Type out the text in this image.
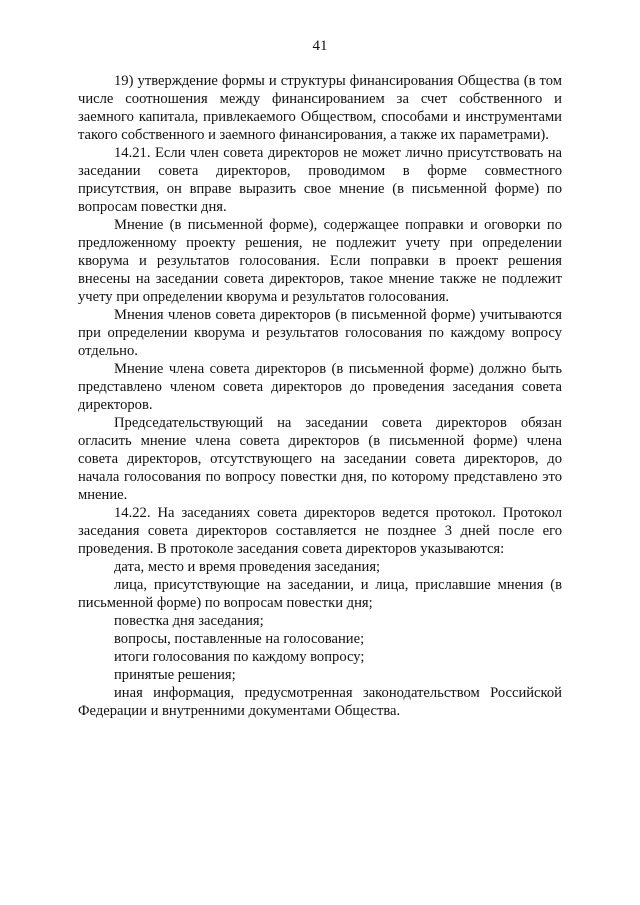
41

19) утверждение формы и структуры финансирования Общества (в том числе соотношения между финансированием за счет собственного и заемного капитала, привлекаемого Обществом, способами и инструментами такого собственного и заемного финансирования, а также их параметрами).

14.21. Если член совета директоров не может лично присутствовать на заседании совета директоров, проводимом в форме совместного присутствия, он вправе выразить свое мнение (в письменной форме) по вопросам повестки дня.

Мнение (в письменной форме), содержащее поправки и оговорки по предложенному проекту решения, не подлежит учету при определении кворума и результатов голосования. Если поправки в проект решения внесены на заседании совета директоров, такое мнение также не подлежит учету при определении кворума и результатов голосования.

Мнения членов совета директоров (в письменной форме) учитываются при определении кворума и результатов голосования по каждому вопросу отдельно.

Мнение члена совета директоров (в письменной форме) должно быть представлено членом совета директоров до проведения заседания совета директоров.

Председательствующий на заседании совета директоров обязан огласить мнение члена совета директоров (в письменной форме) члена совета директоров, отсутствующего на заседании совета директоров, до начала голосования по вопросу повестки дня, по которому представлено это мнение.

14.22. На заседаниях совета директоров ведется протокол. Протокол заседания совета директоров составляется не позднее 3 дней после его проведения. В протоколе заседания совета директоров указываются:

дата, место и время проведения заседания;

лица, присутствующие на заседании, и лица, приславшие мнения (в письменной форме) по вопросам повестки дня;

повестка дня заседания;

вопросы, поставленные на голосование;

итоги голосования по каждому вопросу;

принятые решения;

иная информация, предусмотренная законодательством Российской Федерации и внутренними документами Общества.
